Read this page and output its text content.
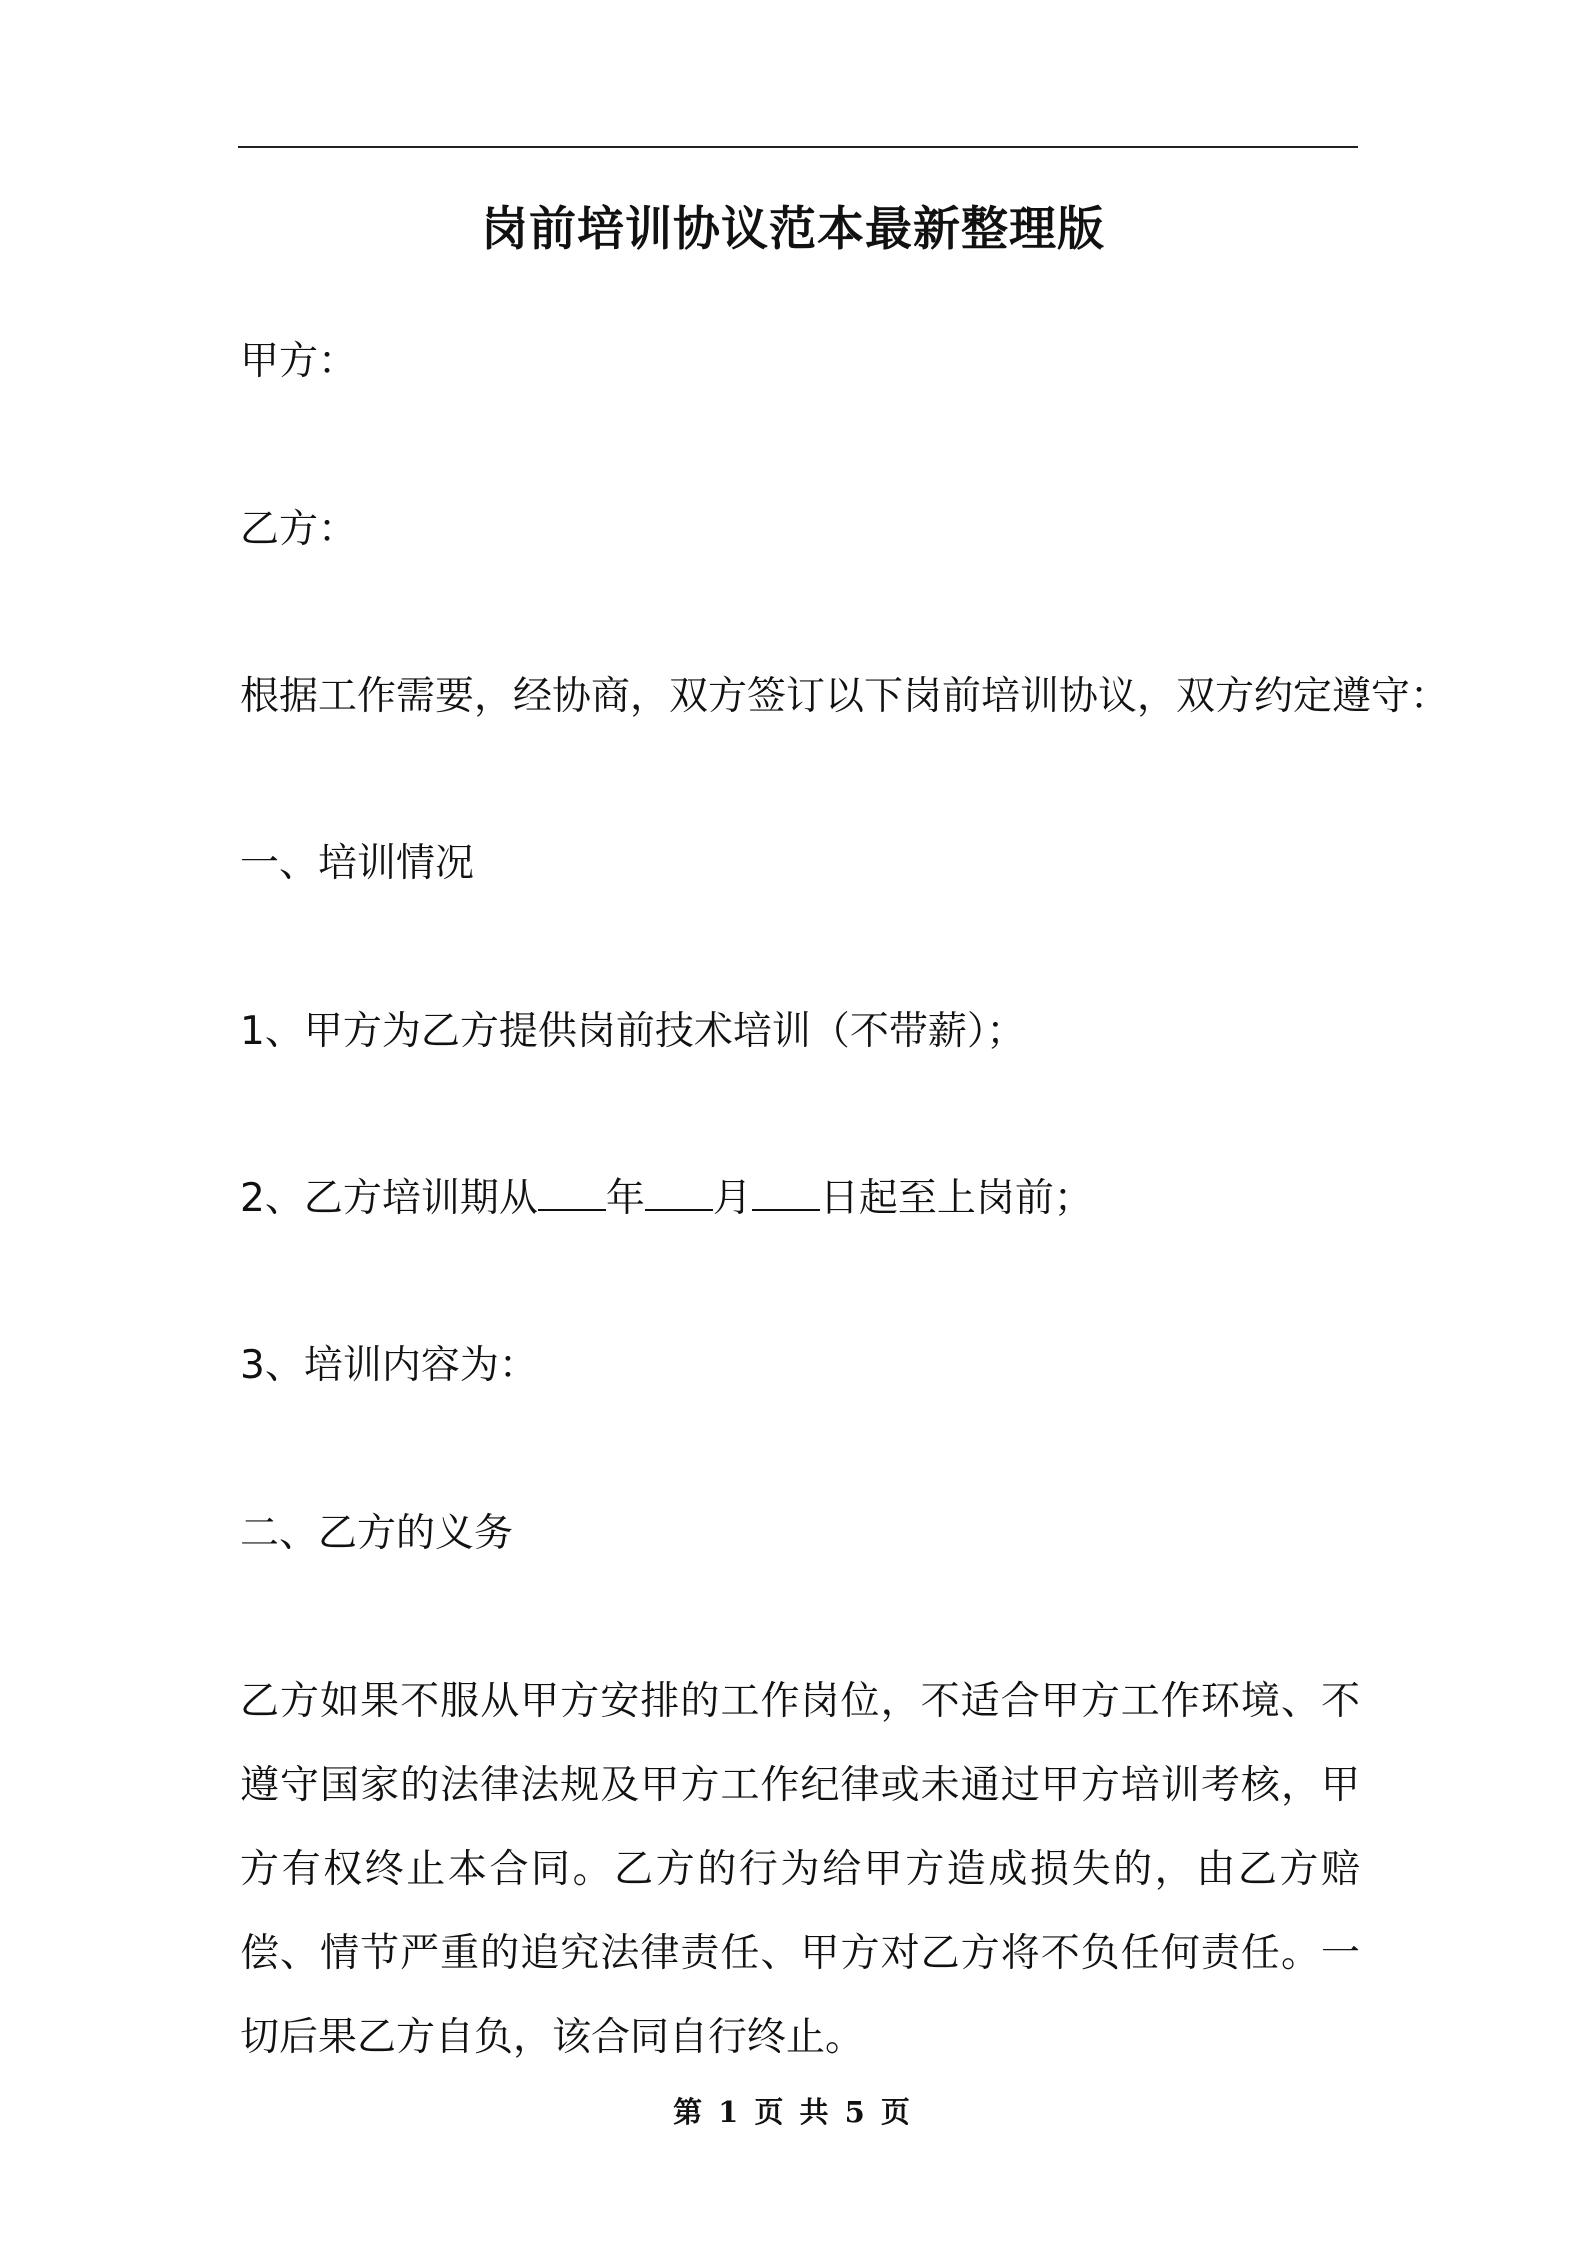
岗前培训协议范本最新整理版
甲方：
乙方：
根据工作需要，经协商，双方签订以下岗前培训协议，双方约定遵守：
一、培训情况
1、甲方为乙方提供岗前技术培训（不带薪）；
2、乙方培训期从 年 月 日起至上岗前；
3、培训内容为：
二、乙方的义务
乙方如果不服从甲方安排的工作岗位，不适合甲方工作环境、不遵守国家的法律法规及甲方工作纪律或未通过甲方培训考核，甲方有权终止本合同。乙方的行为给甲方造成损失的，由乙方赔偿、情节严重的追究法律责任、甲方对乙方将不负任何责任。一切后果乙方自负，该合同自行终止。
第 1 页 共 5 页
